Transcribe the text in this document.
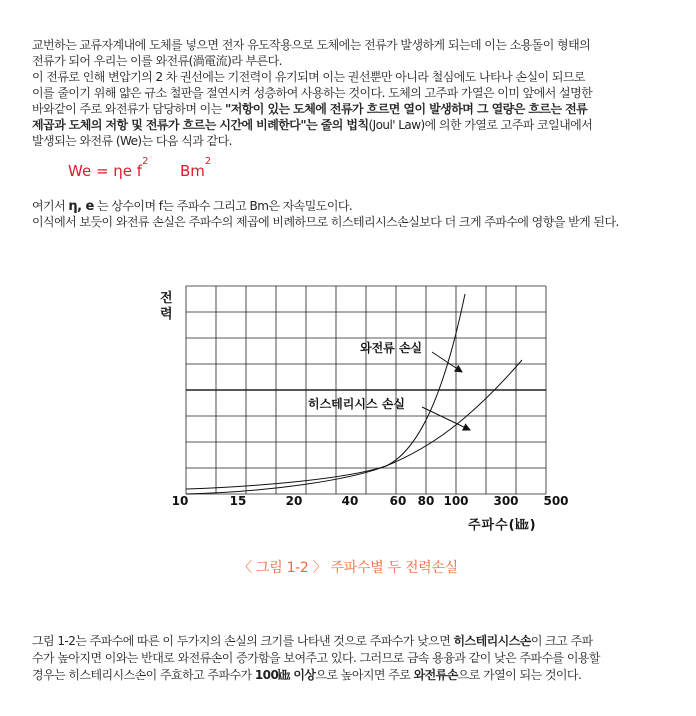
교번하는 교류자계내에 도체를 넣으면 전자 유도작용으로 도체에는 전류가 발생하게 되는데 이는 소용돌이 형태의
전류가 되어 우리는 이를 와전류(渦電流)라 부른다.
이 전류로 인해 변압기의 2 차 권선에는 기전력이 유기되며 이는 권선뿐만 아니라 철심에도 나타나 손실이 되므로
이를 줄이기 위해 얇은 규소 철판을 절연시켜 성층하여 사용하는 것이다. 도체의 고주파 가열은 이미 앞에서 설명한
바와같이 주로 와전류가 담당하며 이는 "저항이 있는 도체에 전류가 흐르면 열이 발생하며 그 열량은 흐르는 전류
제곱과 도체의 저항 및 전류가 흐르는 시간에 비례한다"는 줄의 법칙(Joul' Law)에 의한 가열로 고주파 코일내에서
발생되는 와전류 (We)는 다음 식과 같다.
We = ηe $f^2$  Bm$^2$
여기서 η, e 는 상수이며 f는 주파수 그리고 Bm은 자속밀도이다.
이식에서 보듯이 와전류 손실은 주파수의 제곱에 비례하므로 히스테리시스손실보다 더 크게 주파수에 영향을 받게 된다.
전
력
와전류 손실
히스테리시스 손실
10	15	20	40	60 80 100 300 500
주파수(㎑)
〈 그림 1-2 〉 주파수별 두 전력손실
그림 1-2는 주파수에 따른 이 두가지의 손실의 크기를 나타낸 것으로 주파수가 낮으면 히스테리시스손이 크고 주파
수가 높아지면 이와는 반대로 와전류손이 증가함을 보여주고 있다. 그러므로 금속 용융과 같이 낮은 주파수를 이용할
경우는 히스테리시스손이 주효하고 주파수가 100㎑ 이상으로 높아지면 주로 와전류손으로 가열이 되는 것이다.
